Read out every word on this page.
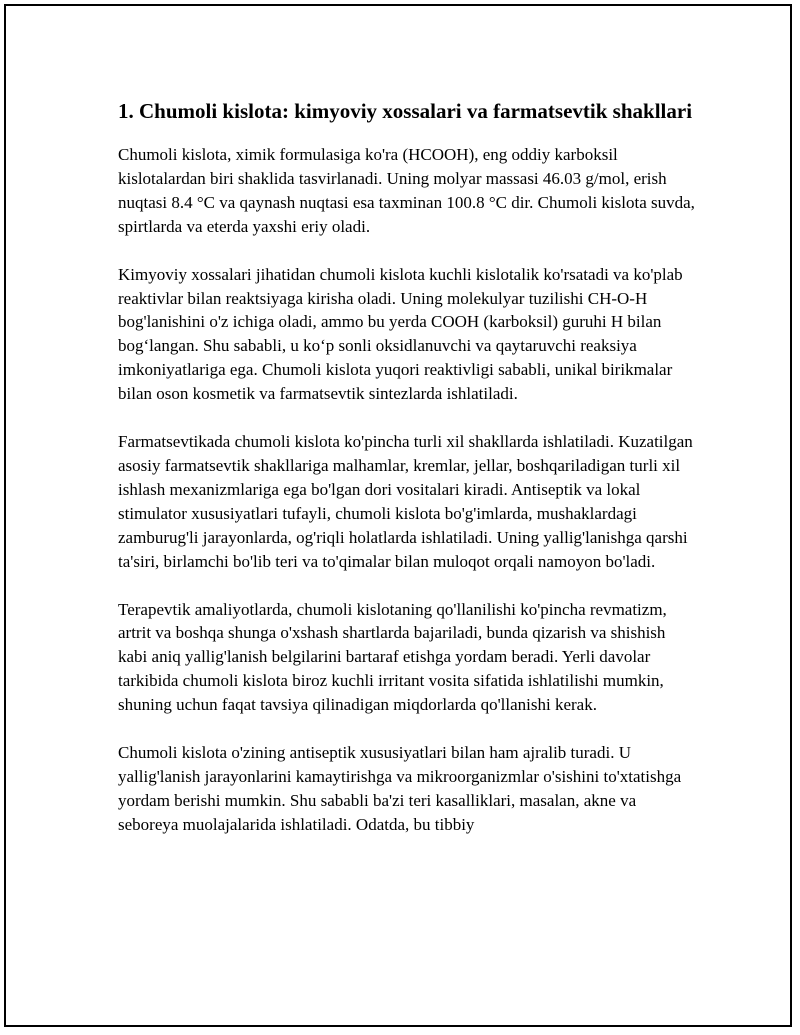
1. Chumoli kislota: kimyoviy xossalari va farmatsevtik shakllari

Chumoli kislota, ximik formulasiga ko'ra (HCOOH), eng oddiy karboksil kislotalardan biri shaklida tasvirlanadi. Uning molyar massasi 46.03 g/mol, erish nuqtasi 8.4 °C va qaynash nuqtasi esa taxminan 100.8 °C dir. Chumoli kislota suvda, spirtlarda va eterda yaxshi eriy oladi.

Kimyoviy xossalari jihatidan chumoli kislota kuchli kislotalik ko'rsatadi va ko'plab reaktivlar bilan reaktsiyaga kirisha oladi. Uning molekulyar tuzilishi CH-O-H bog'lanishini o'z ichiga oladi, ammo bu yerda COOH (karboksil) guruhi H bilan bog‘langan. Shu sababli, u ko‘p sonli oksidlanuvchi va qaytaruvchi reaksiya imkoniyatlariga ega. Chumoli kislota yuqori reaktivligi sababli, unikal birikmalar bilan oson kosmetik va farmatsevtik sintezlarda ishlatiladi.

Farmatsevtikada chumoli kislota ko'pincha turli xil shakllarda ishlatiladi. Kuzatilgan asosiy farmatsevtik shakllariga malhamlar, kremlar, jellar, boshqariladigan turli xil ishlash mexanizmlariga ega bo'lgan dori vositalari kiradi. Antiseptik va lokal stimulator xususiyatlari tufayli, chumoli kislota bo'g'imlarda, mushaklardagi zamburug'li jarayonlarda, og'riqli holatlarda ishlatiladi. Uning yallig'lanishga qarshi ta'siri, birlamchi bo'lib teri va to'qimalar bilan muloqot orqali namoyon bo'ladi.

Terapevtik amaliyotlarda, chumoli kislotaning qo'llanilishi ko'pincha revmatizm, artrit va boshqa shunga o'xshash shartlarda bajariladi, bunda qizarish va shishish kabi aniq yallig'lanish belgilarini bartaraf etishga yordam beradi. Yerli davolar tarkibida chumoli kislota biroz kuchli irritant vosita sifatida ishlatilishi mumkin, shuning uchun faqat tavsiya qilinadigan miqdorlarda qo'llanishi kerak.

Chumoli kislota o'zining antiseptik xususiyatlari bilan ham ajralib turadi. U yallig'lanish jarayonlarini kamaytirishga va mikroorganizmlar o'sishini to'xtatishga yordam berishi mumkin. Shu sababli ba'zi teri kasalliklari, masalan, akne va seboreya muolajalarida ishlatiladi. Odatda, bu tibbiy
